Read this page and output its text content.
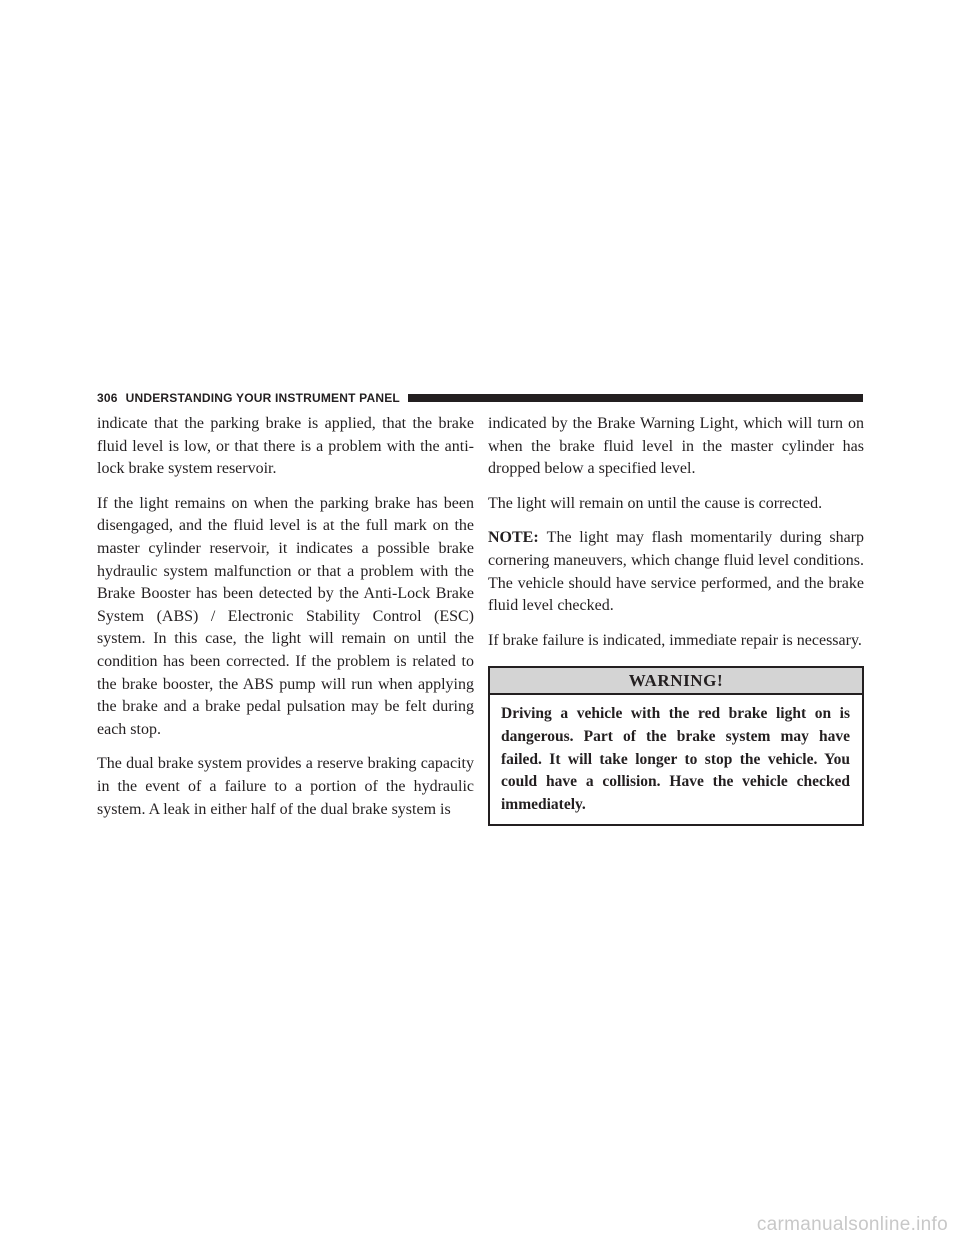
306 UNDERSTANDING YOUR INSTRUMENT PANEL

indicate that the parking brake is applied, that the brake fluid level is low, or that there is a problem with the anti-lock brake system reservoir.

If the light remains on when the parking brake has been disengaged, and the fluid level is at the full mark on the master cylinder reservoir, it indicates a possible brake hydraulic system malfunction or that a problem with the Brake Booster has been detected by the Anti-Lock Brake System (ABS) / Electronic Stability Control (ESC) system. In this case, the light will remain on until the condition has been corrected. If the problem is related to the brake booster, the ABS pump will run when applying the brake and a brake pedal pulsation may be felt during each stop.

The dual brake system provides a reserve braking capacity in the event of a failure to a portion of the hydraulic system. A leak in either half of the dual brake system is

indicated by the Brake Warning Light, which will turn on when the brake fluid level in the master cylinder has dropped below a specified level.

The light will remain on until the cause is corrected.

NOTE: The light may flash momentarily during sharp cornering maneuvers, which change fluid level conditions. The vehicle should have service performed, and the brake fluid level checked.

If brake failure is indicated, immediate repair is necessary.

WARNING!
Driving a vehicle with the red brake light on is dangerous. Part of the brake system may have failed. It will take longer to stop the vehicle. You could have a collision. Have the vehicle checked immediately.
carmanualsonline.info
